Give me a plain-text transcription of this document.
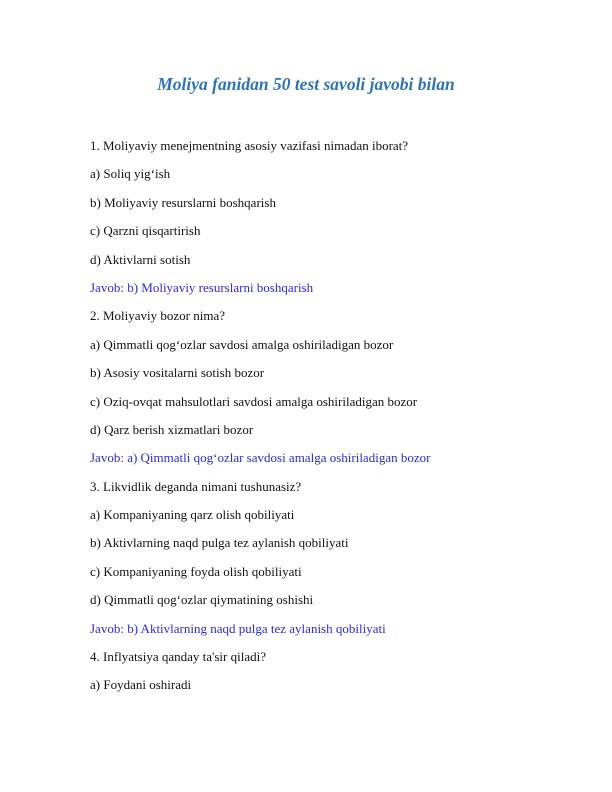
Moliya fanidan 50 test savoli javobi bilan
1. Moliyaviy menejmentning asosiy vazifasi nimadan iborat?
a) Soliq yig‘ish
b) Moliyaviy resurslarni boshqarish
c) Qarzni qisqartirish
d) Aktivlarni sotish
Javob: b) Moliyaviy resurslarni boshqarish
2. Moliyaviy bozor nima?
a) Qimmatli qog‘ozlar savdosi amalga oshiriladigan bozor
b) Asosiy vositalarni sotish bozor
c) Oziq-ovqat mahsulotlari savdosi amalga oshiriladigan bozor
d) Qarz berish xizmatlari bozor
Javob: a) Qimmatli qog‘ozlar savdosi amalga oshiriladigan bozor
3. Likvidlik deganda nimani tushunasiz?
a) Kompaniyaning qarz olish qobiliyati
b) Aktivlarning naqd pulga tez aylanish qobiliyati
c) Kompaniyaning foyda olish qobiliyati
d) Qimmatli qog‘ozlar qiymatining oshishi
Javob: b) Aktivlarning naqd pulga tez aylanish qobiliyati
4. Inflyatsiya qanday ta'sir qiladi?
a) Foydani oshiradi
